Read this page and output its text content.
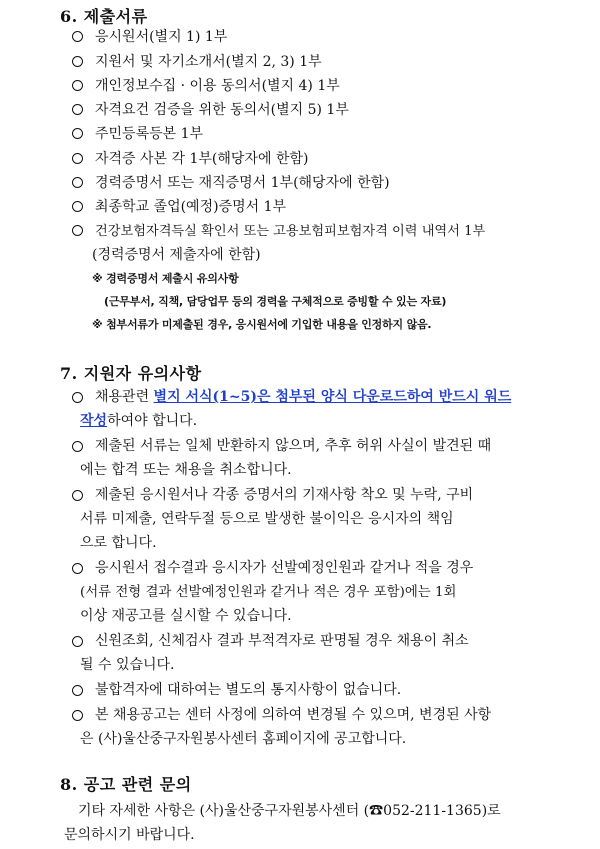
6. 제출서류
응시원서(별지 1) 1부
지원서 및 자기소개서(별지 2, 3) 1부
개인정보수집 · 이용 동의서(별지 4) 1부
자격요건 검증을 위한 동의서(별지 5) 1부
주민등록등본 1부
자격증 사본 각 1부(해당자에 한함)
경력증명서 또는 재직증명서 1부(해당자에 한함)
최종학교 졸업(예정)증명서 1부
건강보험자격득실 확인서 또는 고용보험피보험자격 이력 내역서 1부
(경력증명서 제출자에 한함)
※ 경력증명서 제출시 유의사항
(근무부서, 직책, 담당업무 등의 경력을 구체적으로 증빙할 수 있는 자료)
※ 첨부서류가 미제출된 경우, 응시원서에 기입한 내용을 인정하지 않음.
7. 지원자 유의사항
채용관련 별지 서식(1~5)은 첨부된 양식 다운로드하여 반드시 워드
작성하여야 합니다.
제출된 서류는 일체 반환하지 않으며, 추후 허위 사실이 발견된 때
에는 합격 또는 채용을 취소합니다.
제출된 응시원서나 각종 증명서의 기재사항 착오 및 누락, 구비
서류 미제출, 연락두절 등으로 발생한 불이익은 응시자의 책임
으로 합니다.
응시원서 접수결과 응시자가 선발예정인원과 같거나 적을 경우
(서류 전형 결과 선발예정인원과 같거나 적은 경우 포함)에는 1회
이상 재공고를 실시할 수 있습니다.
신원조회, 신체검사 결과 부적격자로 판명될 경우 채용이 취소
될 수 있습니다.
불합격자에 대하여는 별도의 통지사항이 없습니다.
본 채용공고는 센터 사정에 의하여 변경될 수 있으며, 변경된 사항
은 (사)울산중구자원봉사센터 홈페이지에 공고합니다.
8. 공고 관련 문의
기타 자세한 사항은 (사)울산중구자원봉사센터 (☎052-211-1365)로
문의하시기 바랍니다.
